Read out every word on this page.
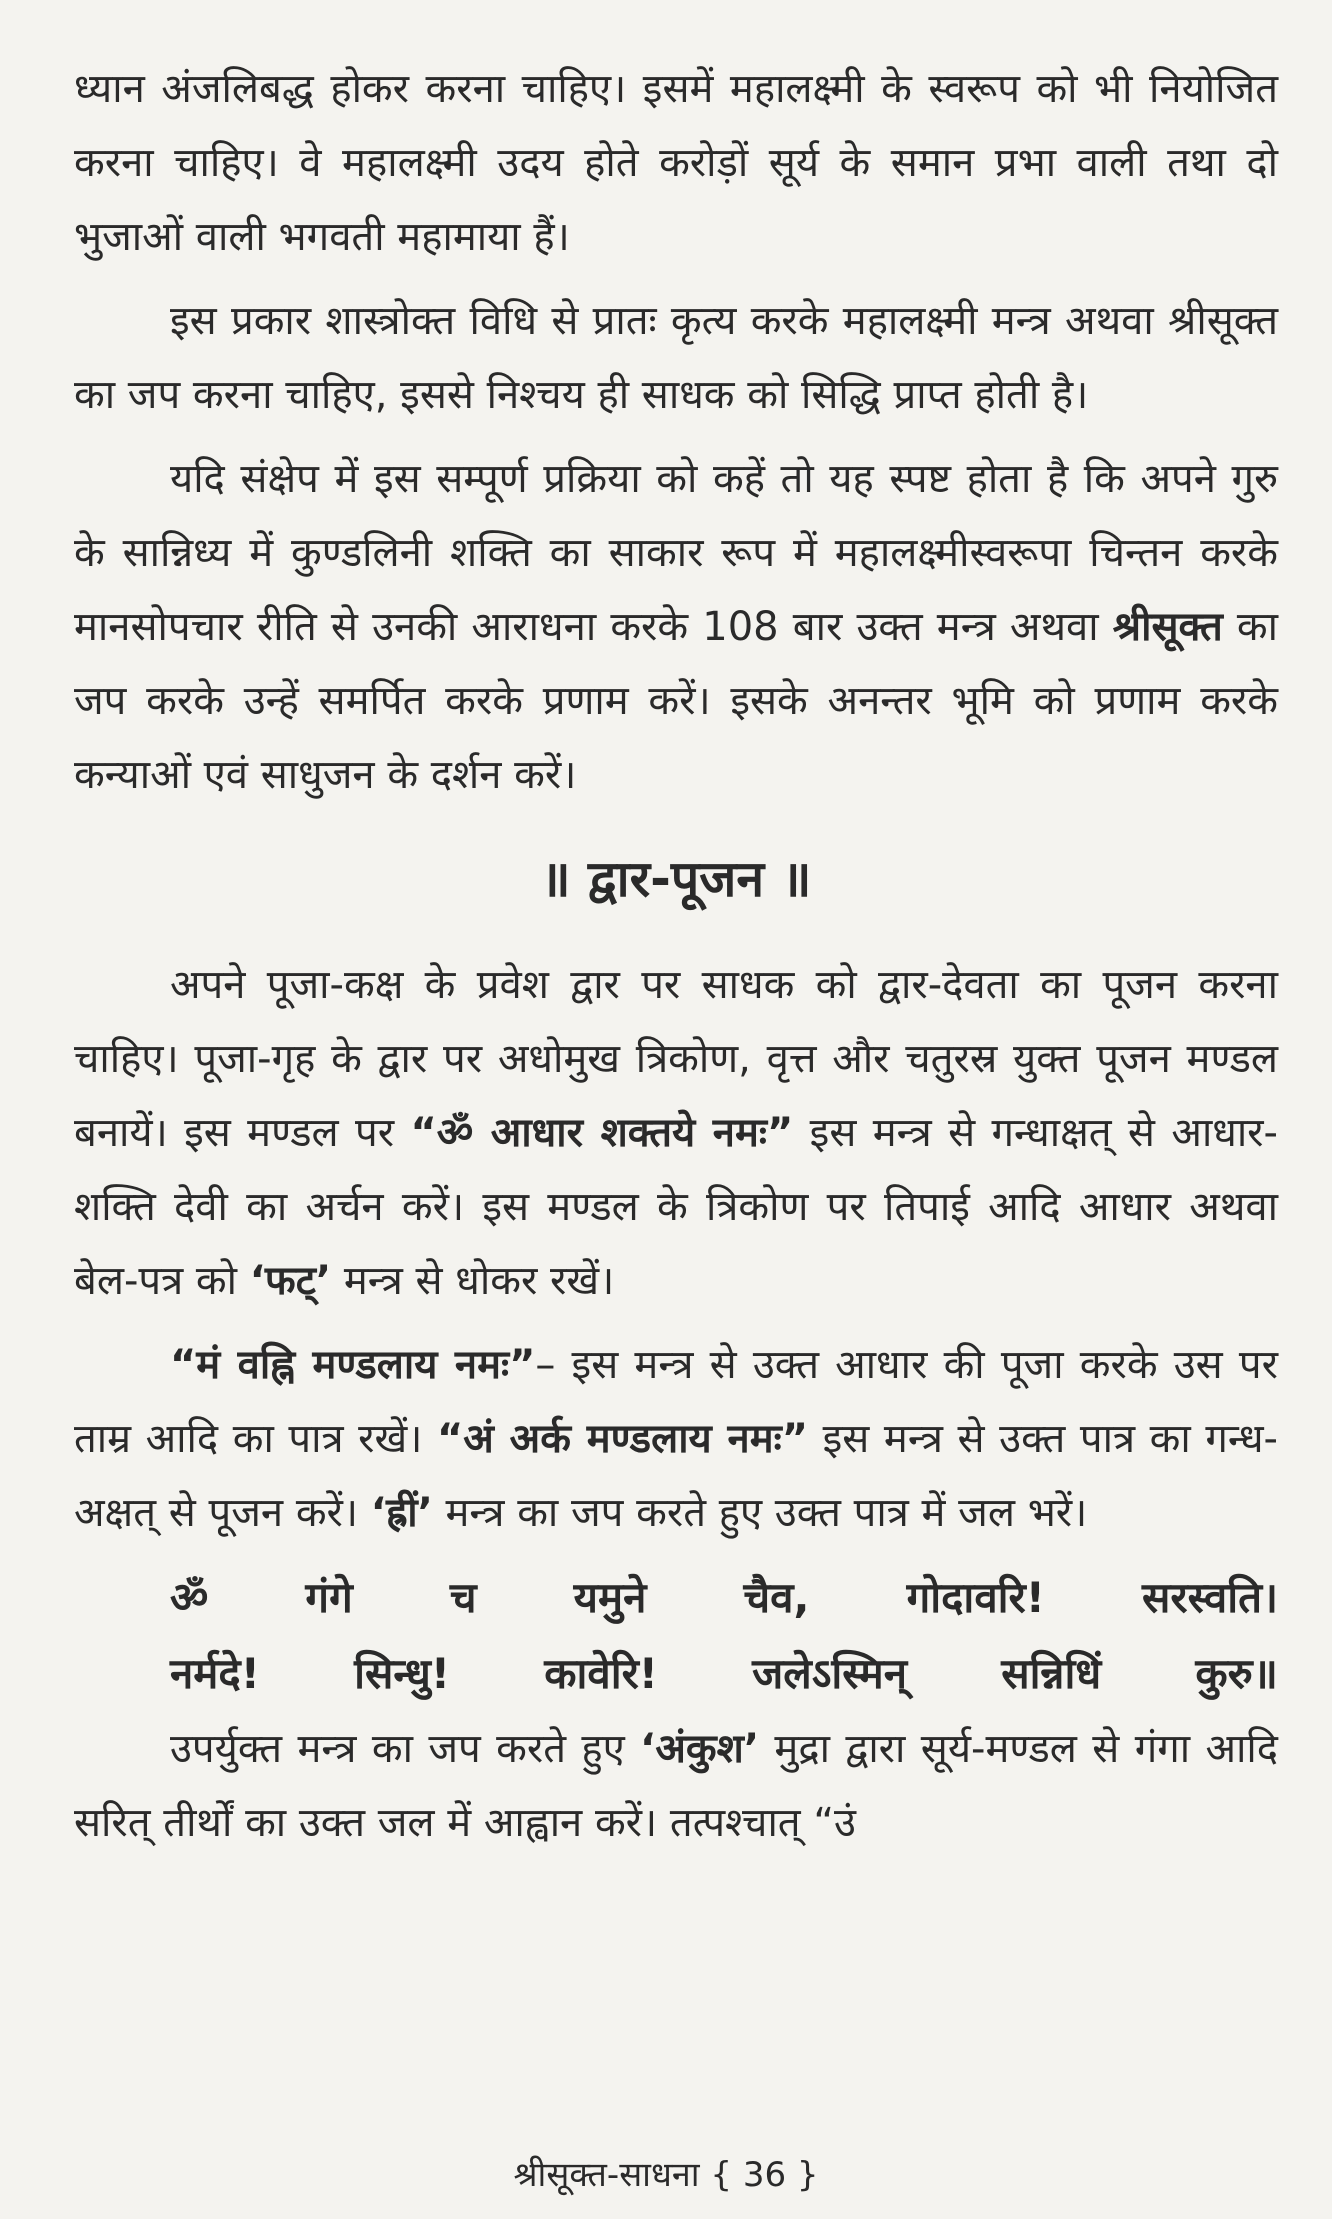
ध्यान अंजलिबद्ध होकर करना चाहिए। इसमें महालक्ष्मी के स्वरूप को भी नियोजित करना चाहिए। वे महालक्ष्मी उदय होते करोड़ों सूर्य के समान प्रभा वाली तथा दो भुजाओं वाली भगवती महामाया हैं।

इस प्रकार शास्त्रोक्त विधि से प्रातः कृत्य करके महालक्ष्मी मन्त्र अथवा श्रीसूक्त का जप करना चाहिए, इससे निश्चय ही साधक को सिद्धि प्राप्त होती है।

यदि संक्षेप में इस सम्पूर्ण प्रक्रिया को कहें तो यह स्पष्ट होता है कि अपने गुरु के सान्निध्य में कुण्डलिनी शक्ति का साकार रूप में महालक्ष्मीस्वरूपा चिन्तन करके मानसोपचार रीति से उनकी आराधना करके 108 बार उक्त मन्त्र अथवा श्रीसूक्त का जप करके उन्हें समर्पित करके प्रणाम करें। इसके अनन्तर भूमि को प्रणाम करके कन्याओं एवं साधुजन के दर्शन करें।

॥ द्वार-पूजन ॥

अपने पूजा-कक्ष के प्रवेश द्वार पर साधक को द्वार-देवता का पूजन करना चाहिए। पूजा-गृह के द्वार पर अधोमुख त्रिकोण, वृत्त और चतुरस्र युक्त पूजन मण्डल बनायें। इस मण्डल पर “ॐ आधार शक्तये नमः” इस मन्त्र से गन्धाक्षत् से आधार-शक्ति देवी का अर्चन करें। इस मण्डल के त्रिकोण पर तिपाई आदि आधार अथवा बेल-पत्र को ‘फट्’ मन्त्र से धोकर रखें।

“मं वह्नि मण्डलाय नमः”– इस मन्त्र से उक्त आधार की पूजा करके उस पर ताम्र आदि का पात्र रखें। “अं अर्क मण्डलाय नमः” इस मन्त्र से उक्त पात्र का गन्ध-अक्षत् से पूजन करें। ‘ह्रीं’ मन्त्र का जप करते हुए उक्त पात्र में जल भरें।

ॐ गंगे च यमुने चैव, गोदावरि! सरस्वति।
नर्मदे! सिन्धु! कावेरि! जलेऽस्मिन् सन्निधिं कुरु॥

उपर्युक्त मन्त्र का जप करते हुए ‘अंकुश’ मुद्रा द्वारा सूर्य-मण्डल से गंगा आदि सरित् तीर्थों का उक्त जल में आह्वान करें। तत्पश्चात् “उं

श्रीसूक्त-साधना { 36 }
